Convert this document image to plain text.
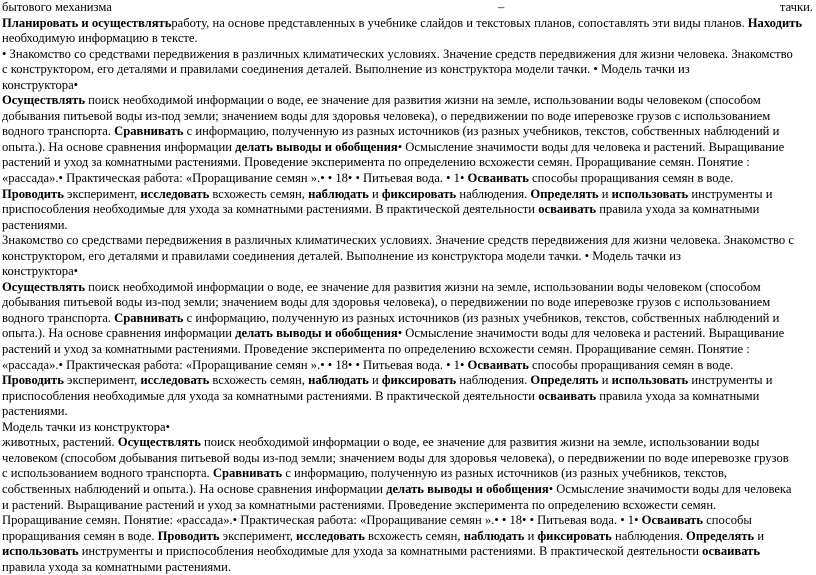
бытового механизма	–	тачки.
Планировать и осуществлятьработу, на основе представленных в учебнике слайдов и текстовых планов, сопоставлять эти виды планов. Находить
необходимую информацию в тексте.
• Знакомство со средствами передвижения в различных климатических условиях. Значение средств передвижения для жизни человека. Знакомство
с конструктором, его деталями и правилами соединения деталей. Выполнение из конструктора модели тачки. • Модель тачки из
конструктора•
Осуществлять поиск необходимой информации о воде, ее значение для развития жизни на земле, использовании воды человеком (способом
добывания питьевой воды из-под земли; значением воды для здоровья человека), о передвижении по воде иперевозке грузов с использованием
водного транспорта. Сравнивать с информацию, полученную из разных источников (из разных учебников, текстов, собственных наблюдений и
опыта.). На основе сравнения информации делать выводы и обобщения• Осмысление значимости воды для человека и растений. Выращивание
растений и уход за комнатными растениями. Проведение эксперимента по определению всхожести семян. Проращивание семян. Понятие :
«рассада».• Практическая работа: «Проращивание семян ».• • 18• • Питьевая вода. • 1• Осваивать способы проращивания семян в воде.
Проводить эксперимент, исследовать всхожесть семян, наблюдать и фиксировать наблюдения. Определять и использовать инструменты и
приспособления необходимые для ухода за комнатными растениями. В практической деятельности осваивать правила ухода за комнатными
растениями.
Знакомство со средствами передвижения в различных климатических условиях. Значение средств передвижения для жизни человека. Знакомство с
конструктором, его деталями и правилами соединения деталей. Выполнение из конструктора модели тачки. • Модель тачки из
конструктора•
Осуществлять поиск необходимой информации о воде, ее значение для развития жизни на земле, использовании воды человеком (способом
добывания питьевой воды из-под земли; значением воды для здоровья человека), о передвижении по воде иперевозке грузов с использованием
водного транспорта. Сравнивать с информацию, полученную из разных источников (из разных учебников, текстов, собственных наблюдений и
опыта.). На основе сравнения информации делать выводы и обобщения• Осмысление значимости воды для человека и растений. Выращивание
растений и уход за комнатными растениями. Проведение эксперимента по определению всхожести семян. Проращивание семян. Понятие :
«рассада».• Практическая работа: «Проращивание семян ».• • 18• • Питьевая вода. • 1• Осваивать способы проращивания семян в воде.
Проводить эксперимент, исследовать всхожесть семян, наблюдать и фиксировать наблюдения. Определять и использовать инструменты и
приспособления необходимые для ухода за комнатными растениями. В практической деятельности осваивать правила ухода за комнатными
растениями.
Модель тачки из конструктора•
животных, растений. Осуществлять поиск необходимой информации о воде, ее значение для развития жизни на земле, использовании воды
человеком (способом добывания питьевой воды из-под земли; значением воды для здоровья человека), о передвижении по воде иперевозке грузов
с использованием водного транспорта. Сравнивать с информацию, полученную из разных источников (из разных учебников, текстов,
собственных наблюдений и опыта.). На основе сравнения информации делать выводы и обобщения• Осмысление значимости воды для человека
и растений. Выращивание растений и уход за комнатными растениями. Проведение эксперимента по определению всхожести семян.
Проращивание семян. Понятие: «рассада».• Практическая работа: «Проращивание семян ».• • 18• • Питьевая вода. • 1• Осваивать способы
проращивания семян в воде. Проводить эксперимент, исследовать всхожесть семян, наблюдать и фиксировать наблюдения. Определять и
использовать инструменты и приспособления необходимые для ухода за комнатными растениями. В практической деятельности осваивать
правила ухода за комнатными растениями.
